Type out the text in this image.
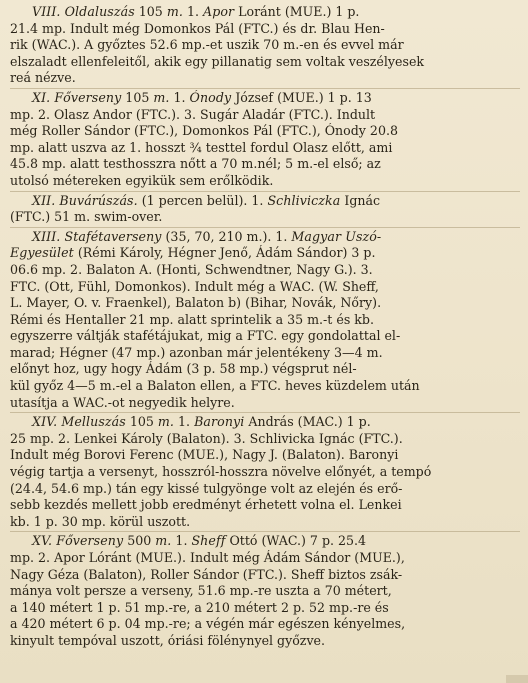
VIII. Oldaluszás 105 m. 1. Apor Loránt (MUE.) 1 p.
21.4 mp. Indult még Domonkos Pál (FTC.) és dr. Blau Hen-
rik (WAC.). A győztes 52.6 mp.-et uszik 70 m.-en és evvel már
elszaladt ellenfeleitől, akik egy pillanatig sem voltak veszélyesek
reá nézve.
XI. Főverseny 105 m. 1. Ónody József (MUE.) 1 p. 13
mp. 2. Olasz Andor (FTC.). 3. Sugár Aladár (FTC.). Indult
még Roller Sándor (FTC.), Domonkos Pál (FTC.), Ónody 20.8
mp. alatt uszva az 1. hosszt ¾ testtel fordul Olasz előtt, ami
45.8 mp. alatt testhosszra nőtt a 70 m.nél; 5 m.-el első; az
utolsó métereken egyikük sem erőlködik.
XII. Buvárúszás. (1 percen belül). 1. Schliviczka Ignác
(FTC.) 51 m. swim-over.
XIII. Stafétaverseny (35, 70, 210 m.). 1. Magyar Uszó-
Egyesület (Rémi Károly, Hégner Jenő, Ádám Sándor) 3 p.
06.6 mp. 2. Balaton A. (Honti, Schwendtner, Nagy G.). 3.
FTC. (Ott, Fühl, Domonkos). Indult még a WAC. (W. Sheff,
L. Mayer, O. v. Fraenkel), Balaton b) (Bihar, Novák, Nőry).
Rémi és Hentaller 21 mp. alatt sprintelik a 35 m.-t és kb.
egyszerre váltják stafétájukat, mig a FTC. egy gondolattal el-
marad; Hégner (47 mp.) azonban már jelentékeny 3—4 m.
előnyt hoz, ugy hogy Ádám (3 p. 58 mp.) végsprut nél-
kül győz 4—5 m.-el a Balaton ellen, a FTC. heves küzdelem után
utasítja a WAC.-ot negyedik helyre.
XIV. Melluszás 105 m. 1. Baronyi András (MAC.) 1 p.
25 mp. 2. Lenkei Károly (Balaton). 3. Schlivicka Ignác (FTC.).
Indult még Borovi Ferenc (MUE.), Nagy J. (Balaton). Baronyi
végig tartja a versenyt, hosszról-hosszra növelve előnyét, a tempó
(24.4, 54.6 mp.) tán egy kissé tulgyönge volt az elején és erő-
sebb kezdés mellett jobb eredményt érhetett volna el. Lenkei
kb. 1 p. 30 mp. körül uszott.
XV. Főverseny 500 m. 1. Sheff Ottó (WAC.) 7 p. 25.4
mp. 2. Apor Lóránt (MUE.). Indult még Ádám Sándor (MUE.),
Nagy Géza (Balaton), Roller Sándor (FTC.). Sheff biztos zsák-
mánya volt persze a verseny, 51.6 mp.-re uszta a 70 métert,
a 140 métert 1 p. 51 mp.-re, a 210 métert 2 p. 52 mp.-re és
a 420 métert 6 p. 04 mp.-re; a végén már egészen kényelmes,
kinyult tempóval uszott, óriási fölénynyel győzve.
